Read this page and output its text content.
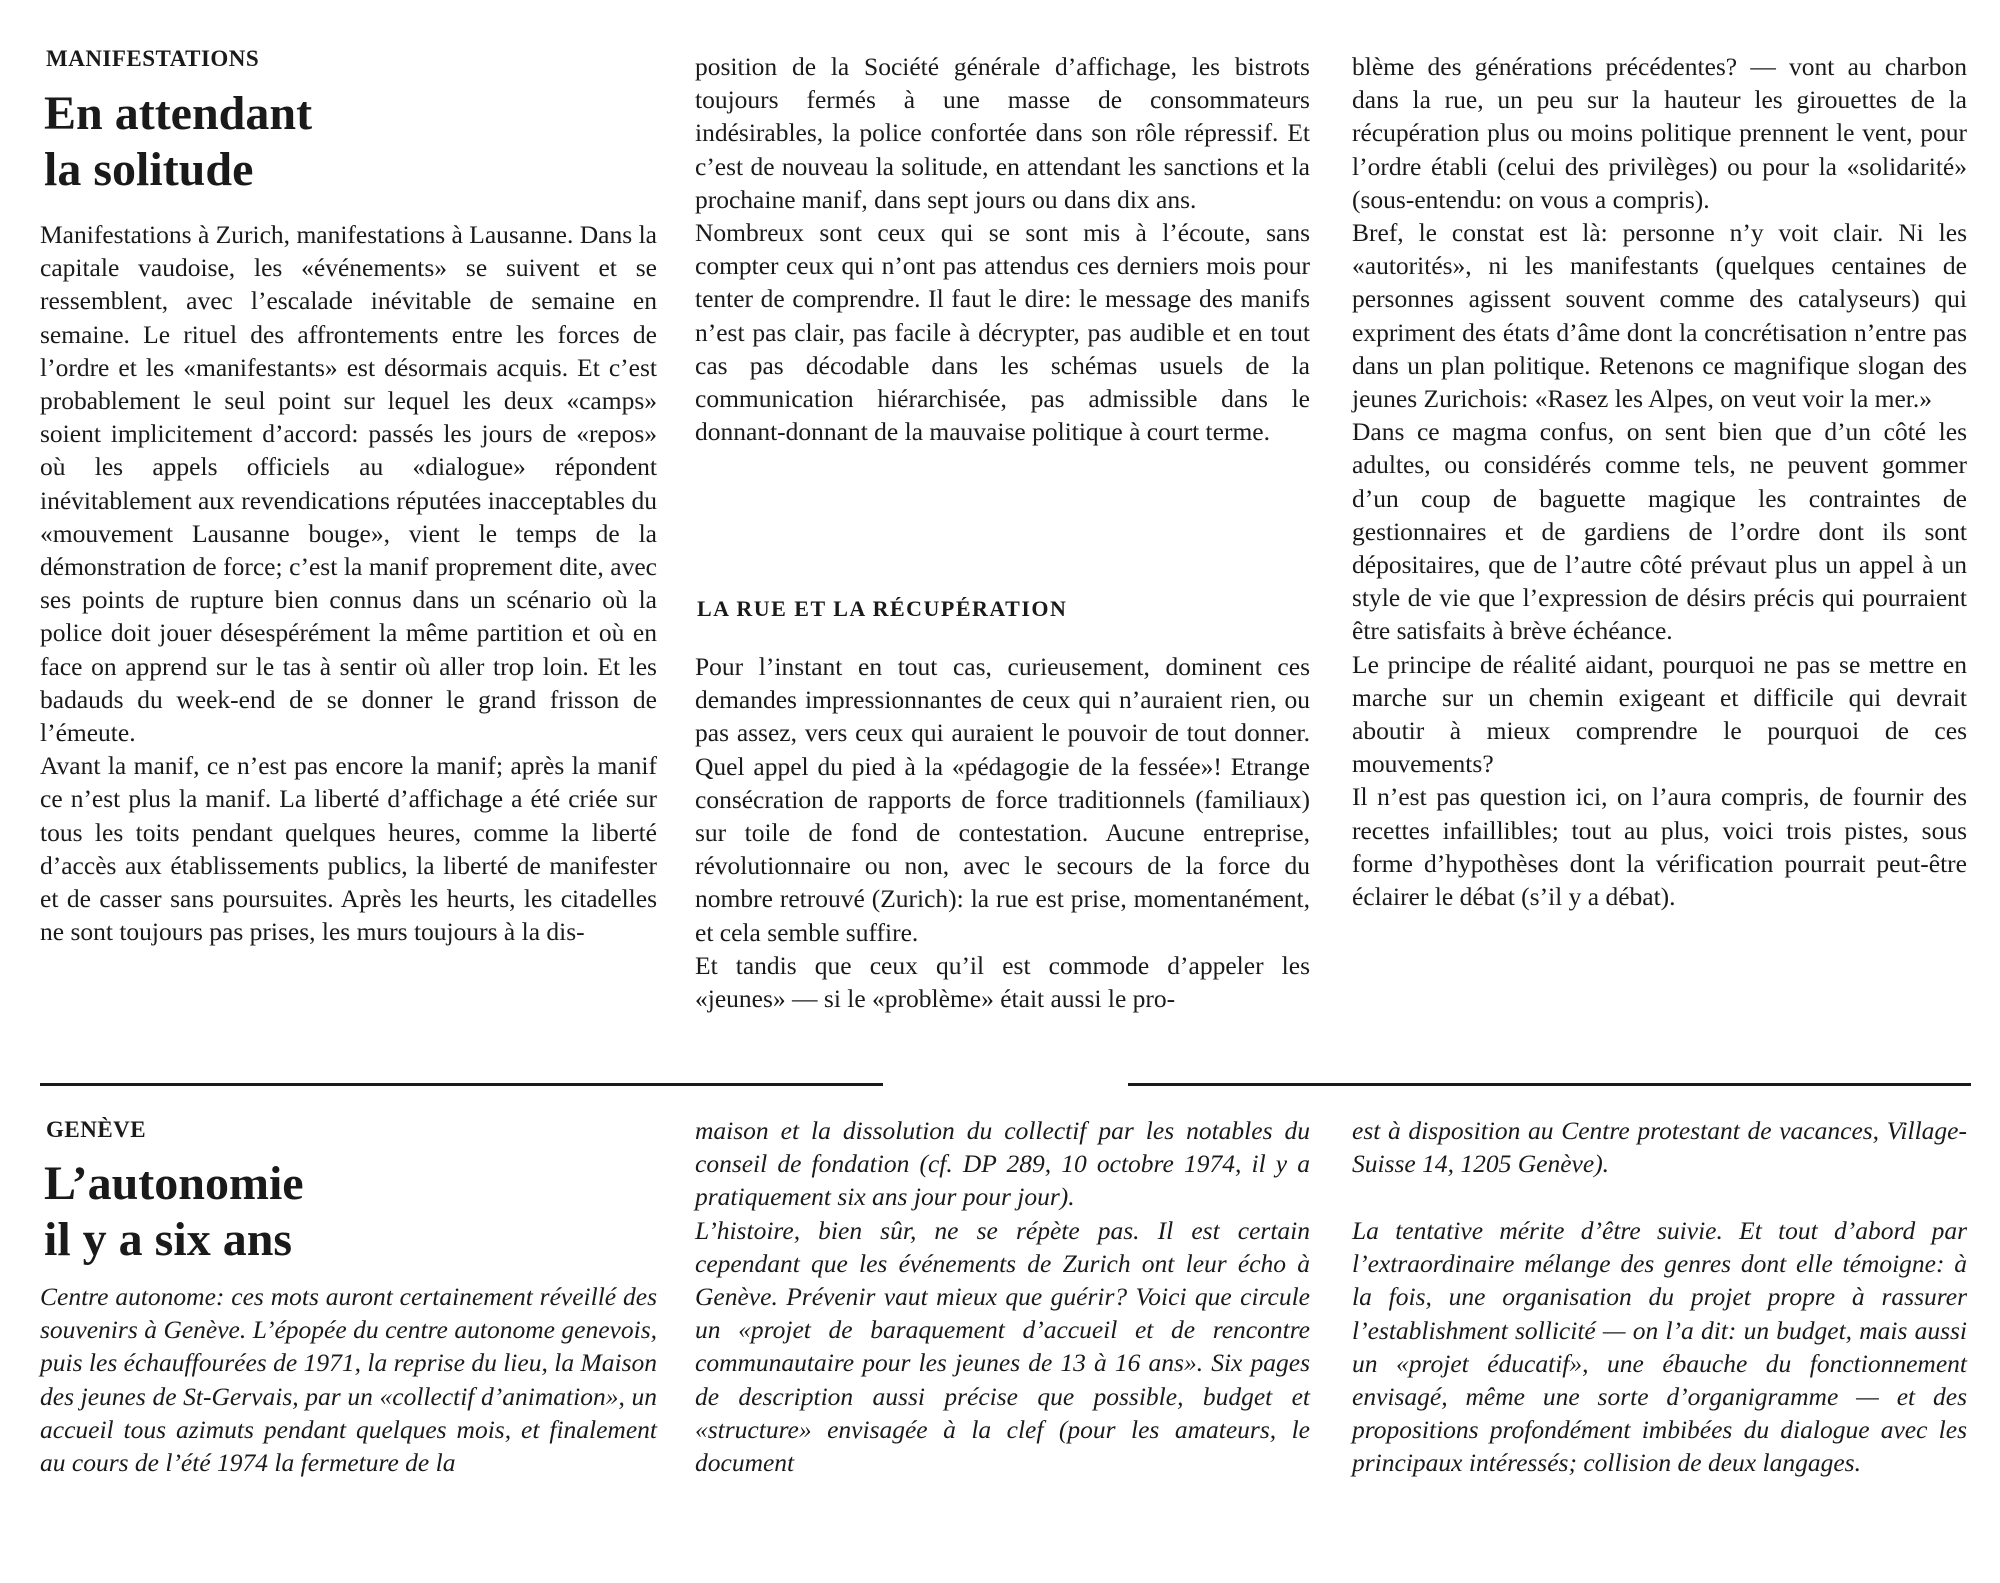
MANIFESTATIONS
En attendant
la solitude

Manifestations à Zurich, manifestations à Lausanne. Dans la capitale vaudoise, les «événements» se suivent et se ressemblent, avec l’escalade inévitable de semaine en semaine. Le rituel des affrontements entre les forces de l’ordre et les «manifestants» est désormais acquis. Et c’est probablement le seul point sur lequel les deux «camps» soient implicitement d’accord: passés les jours de «repos» où les appels officiels au «dialogue» répondent inévitablement aux revendications réputées inacceptables du «mouvement Lausanne bouge», vient le temps de la démonstration de force; c’est la manif proprement dite, avec ses points de rupture bien connus dans un scénario où la police doit jouer désespérément la même partition et où en face on apprend sur le tas à sentir où aller trop loin. Et les badauds du week-end de se donner le grand frisson de l’émeute.

Avant la manif, ce n’est pas encore la manif; après la manif ce n’est plus la manif. La liberté d’affichage a été criée sur tous les toits pendant quelques heures, comme la liberté d’accès aux établissements publics, la liberté de manifester et de casser sans poursuites. Après les heurts, les citadelles ne sont toujours pas prises, les murs toujours à la dis-

position de la Société générale d’affichage, les bistrots toujours fermés à une masse de consommateurs indésirables, la police confortée dans son rôle répressif. Et c’est de nouveau la solitude, en attendant les sanctions et la prochaine manif, dans sept jours ou dans dix ans.

Nombreux sont ceux qui se sont mis à l’écoute, sans compter ceux qui n’ont pas attendus ces derniers mois pour tenter de comprendre. Il faut le dire: le message des manifs n’est pas clair, pas facile à décrypter, pas audible et en tout cas pas décodable dans les schémas usuels de la communication hiérarchisée, pas admissible dans le donnant-donnant de la mauvaise politique à court terme.

LA RUE ET LA RÉCUPÉRATION

Pour l’instant en tout cas, curieusement, dominent ces demandes impressionnantes de ceux qui n’auraient rien, ou pas assez, vers ceux qui auraient le pouvoir de tout donner. Quel appel du pied à la «pédagogie de la fessée»! Etrange consécration de rapports de force traditionnels (familiaux) sur toile de fond de contestation. Aucune entreprise, révolutionnaire ou non, avec le secours de la force du nombre retrouvé (Zurich): la rue est prise, momentanément, et cela semble suffire.

Et tandis que ceux qu’il est commode d’appeler les «jeunes» — si le «problème» était aussi le pro-

blème des générations précédentes? — vont au charbon dans la rue, un peu sur la hauteur les girouettes de la récupération plus ou moins politique prennent le vent, pour l’ordre établi (celui des privilèges) ou pour la «solidarité» (sous-entendu: on vous a compris).

Bref, le constat est là: personne n’y voit clair. Ni les «autorités», ni les manifestants (quelques centaines de personnes agissent souvent comme des catalyseurs) qui expriment des états d’âme dont la concrétisation n’entre pas dans un plan politique. Retenons ce magnifique slogan des jeunes Zurichois: «Rasez les Alpes, on veut voir la mer.»

Dans ce magma confus, on sent bien que d’un côté les adultes, ou considérés comme tels, ne peuvent gommer d’un coup de baguette magique les contraintes de gestionnaires et de gardiens de l’ordre dont ils sont dépositaires, que de l’autre côté prévaut plus un appel à un style de vie que l’expression de désirs précis qui pourraient être satisfaits à brève échéance.

Le principe de réalité aidant, pourquoi ne pas se mettre en marche sur un chemin exigeant et difficile qui devrait aboutir à mieux comprendre le pourquoi de ces mouvements?

Il n’est pas question ici, on l’aura compris, de fournir des recettes infaillibles; tout au plus, voici trois pistes, sous forme d’hypothèses dont la vérification pourrait peut-être éclairer le débat (s’il y a débat).

GENÈVE
L’autonomie
il y a six ans

Centre autonome: ces mots auront certainement réveillé des souvenirs à Genève. L’épopée du centre autonome genevois, puis les échauffourées de 1971, la reprise du lieu, la Maison des jeunes de St-Gervais, par un «collectif d’animation», un accueil tous azimuts pendant quelques mois, et finalement au cours de l’été 1974 la fermeture de la

maison et la dissolution du collectif par les notables du conseil de fondation (cf. DP 289, 10 octobre 1974, il y a pratiquement six ans jour pour jour).

L’histoire, bien sûr, ne se répète pas. Il est certain cependant que les événements de Zurich ont leur écho à Genève. Prévenir vaut mieux que guérir? Voici que circule un «projet de baraquement d’accueil et de rencontre communautaire pour les jeunes de 13 à 16 ans». Six pages de description aussi précise que possible, budget et «structure» envisagée à la clef (pour les amateurs, le document

est à disposition au Centre protestant de vacances, Village-Suisse 14, 1205 Genève).

La tentative mérite d’être suivie. Et tout d’abord par l’extraordinaire mélange des genres dont elle témoigne: à la fois, une organisation du projet propre à rassurer l’establishment sollicité — on l’a dit: un budget, mais aussi un «projet éducatif», une ébauche du fonctionnement envisagé, même une sorte d’organigramme — et des propositions profondément imbibées du dialogue avec les principaux intéressés; collision de deux langages.
